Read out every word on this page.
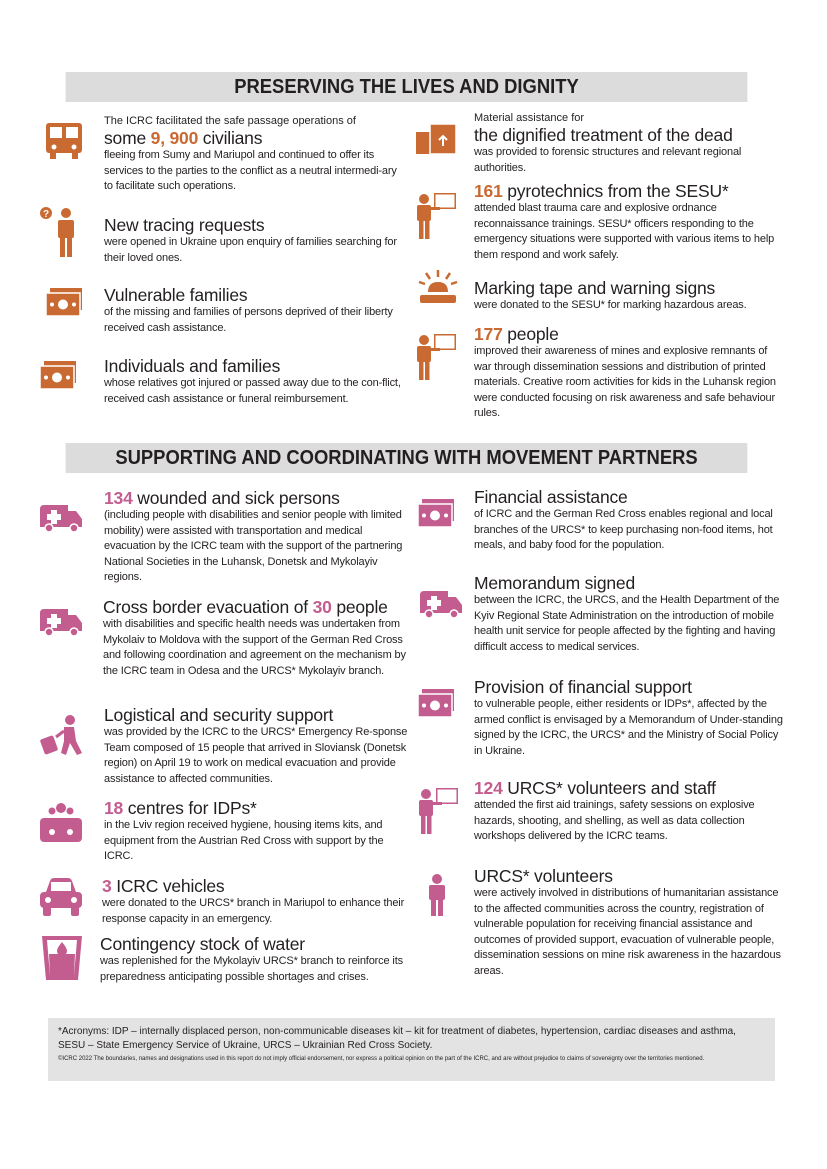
PRESERVING THE LIVES AND DIGNITY
The ICRC facilitated the safe passage operations of
some 9, 900 civilians
fleeing from Sumy and Mariupol and continued to offer its services to the parties to the conflict as a neutral intermedi-ary to facilitate such operations.
?
New tracing requests
were opened in Ukraine upon enquiry of families searching for their loved ones.
Vulnerable families
of the missing and families of persons deprived of their liberty received cash assistance.
Individuals and families
whose relatives got injured or passed away due to the con-flict, received cash assistance or funeral reimbursement.
Material assistance for
the dignified treatment of the dead
was provided to forensic structures and relevant regional authorities.
161 pyrotechnics from the SESU*
attended blast trauma care and explosive ordnance reconnaissance trainings. SESU* officers responding to the emergency situations were supported with various items to help them respond and work safely.
Marking tape and warning signs
were donated to the SESU* for marking hazardous areas.
177 people
improved their awareness of mines and explosive remnants of war through dissemination sessions and distribution of printed materials. Creative room activities for kids in the Luhansk region were conducted focusing on risk awareness and safe behaviour rules.
SUPPORTING AND COORDINATING WITH MOVEMENT PARTNERS
134 wounded and sick persons
(including people with disabilities and senior people with limited mobility) were assisted with transportation and medical evacuation by the ICRC team with the support of the partnering National Societies in the Luhansk, Donetsk and Mykolayiv regions.
Cross border evacuation of 30 people
with disabilities and specific health needs was undertaken from Mykolaiv to Moldova with the support of the German Red Cross and following coordination and agreement on the mechanism by the ICRC team in Odesa and the URCS* Mykolayiv branch.
Logistical and security support
was provided by the ICRC to the URCS* Emergency Re-sponse Team composed of 15 people that arrived in Sloviansk (Donetsk region) on April 19 to work on medical evacuation and provide assistance to affected communities.
18 centres for IDPs*
in the Lviv region received hygiene, housing items kits, and equipment from the Austrian Red Cross with support by the ICRC.
3 ICRC vehicles
were donated to the URCS* branch in Mariupol to enhance their response capacity in an emergency.
Contingency stock of water
was replenished for the Mykolayiv URCS* branch to reinforce its preparedness anticipating possible shortages and crises.
Financial assistance
of ICRC and the German Red Cross enables regional and local branches of the URCS* to keep purchasing non-food items, hot meals, and baby food for the population.
Memorandum signed
between the ICRC, the URCS, and the Health Department of the Kyiv Regional State Administration on the introduction of mobile health unit service for people affected by the fighting and having difficult access to medical services.
Provision of financial support
to vulnerable people, either residents or IDPs*, affected by the armed conflict is envisaged by a Memorandum of Under-standing signed by the ICRC, the URCS* and the Ministry of Social Policy in Ukraine.
124 URCS* volunteers and staff
attended the first aid trainings, safety sessions on explosive hazards, shooting, and shelling, as well as data collection workshops delivered by the ICRC teams.
URCS* volunteers
were actively involved in distributions of humanitarian assistance to the affected communities across the country, registration of vulnerable population for receiving financial assistance and outcomes of provided support, evacuation of vulnerable people, dissemination sessions on mine risk awareness in the hazardous areas.
*Acronyms: IDP – internally displaced person, non-communicable diseases kit – kit for treatment of diabetes, hypertension, cardiac diseases and asthma, SESU – State Emergency Service of Ukraine, URCS – Ukrainian Red Cross Society.
©ICRC 2022 The boundaries, names and designations used in this report do not imply official endorsement, nor express a political opinion on the part of the ICRC, and are without prejudice to claims of sovereignty over the territories mentioned.
